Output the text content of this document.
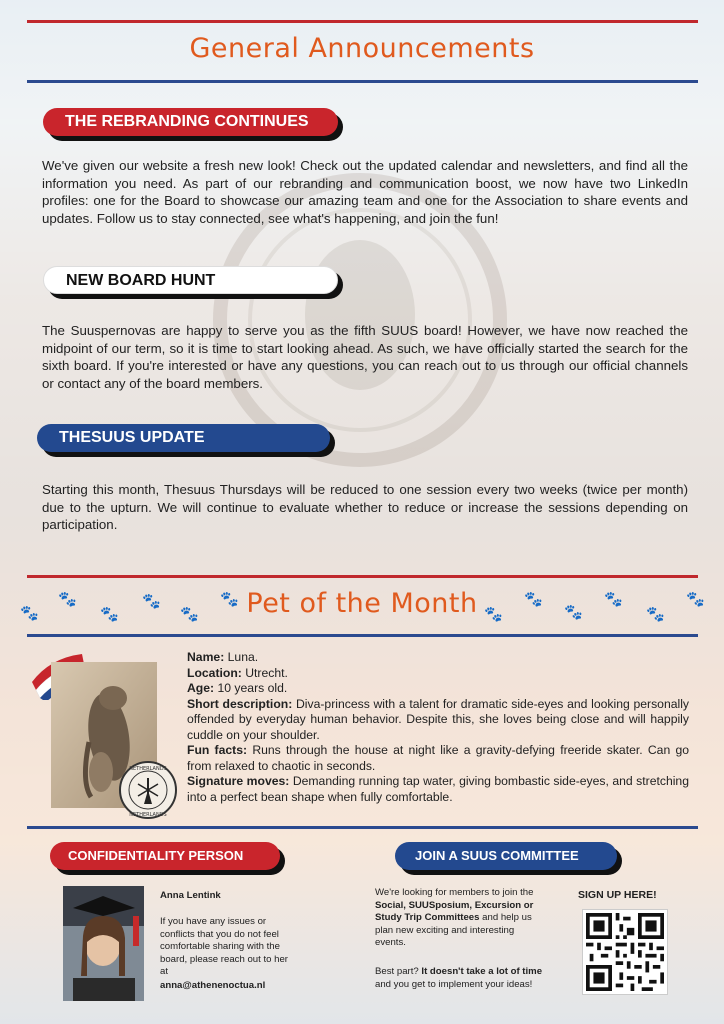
General Announcements
THE REBRANDING CONTINUES
We've given our website a fresh new look! Check out the updated calendar and newsletters, and find all the information you need. As part of our rebranding and communication boost, we now have two LinkedIn profiles: one for the Board to showcase our amazing team and one for the Association to share events and updates. Follow us to stay connected, see what's happening, and join the fun!
NEW BOARD HUNT
The Suuspernovas are happy to serve you as the fifth SUUS board! However, we have now reached the midpoint of our term, so it is time to start looking ahead. As such, we have officially started the search for the sixth board. If you're interested or have any questions, you can reach out to us through our official channels or contact any of the board members.
THESUUS UPDATE
Starting this month, Thesuus Thursdays will be reduced to one session every two weeks (twice per month) due to the upturn. We will continue to evaluate whether to reduce or increase the sessions depending on participation.
Pet of the Month
🐾
🐾
🐾
🐾
🐾
🐾
🐾
🐾
🐾
🐾
🐾
🐾
NETHERLANDS
NETHERLANDS
Name: Luna.
Location: Utrecht.
Age: 10 years old.
Short description: Diva-princess with a talent for dramatic side-eyes and looking personally offended by everyday human behavior. Despite this, she loves being close and will happily cuddle on your shoulder.
Fun facts: Runs through the house at night like a gravity-defying freeride skater. Can go from relaxed to chaotic in seconds.
Signature moves: Demanding running tap water, giving bombastic side-eyes, and stretching into a perfect bean shape when fully comfortable.
CONFIDENTIALITY PERSON
Anna Lentink
If you have any issues or conflicts that you do not feel comfortable sharing with the board, please reach out to her at
anna@athenenoctua.nl
JOIN A SUUS COMMITTEE
We're looking for members to join the Social, SUUSposium, Excursion or Study Trip Committees and help us plan new exciting and interesting events.
Best part? It doesn't take a lot of time and you get to implement your ideas!
SIGN UP HERE!
